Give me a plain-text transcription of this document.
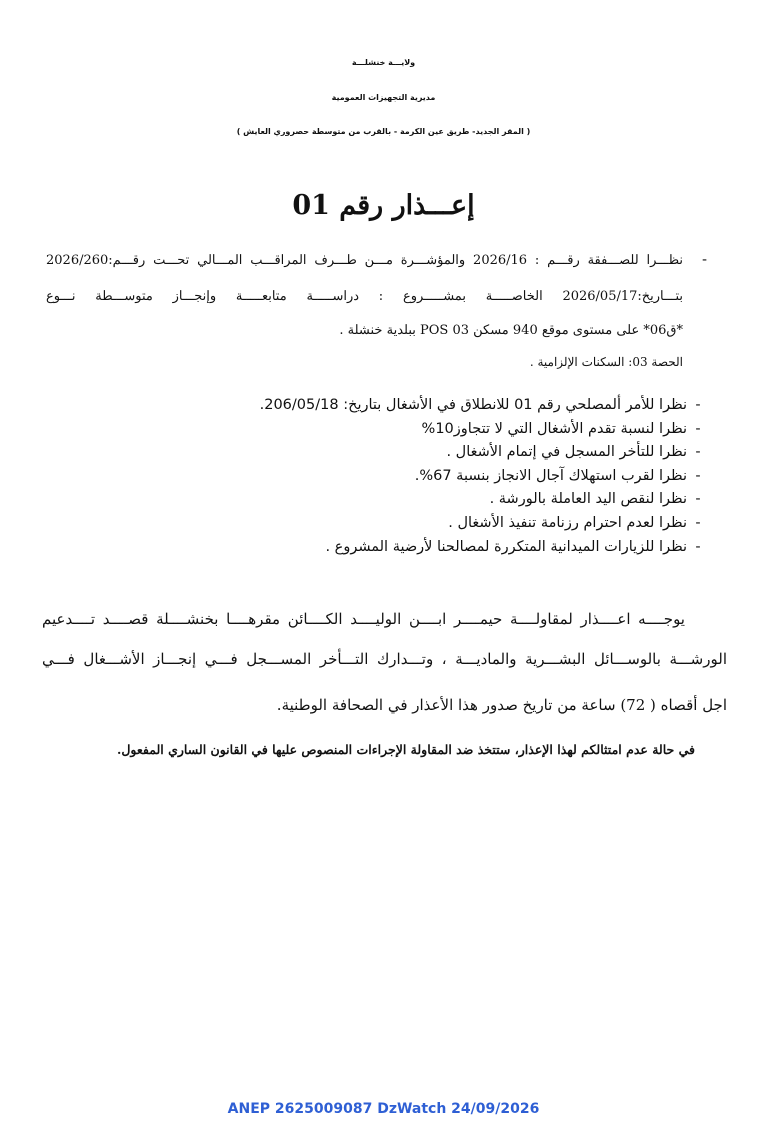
ولايـــة خنشلـــة
مديرية التجهيزات العمومية
( المقر الجديد- طريق عين الكرمة - بالقرب من متوسطة حصروري العايش )
إعـــذار رقم 01
-
نظـــرا للصـــفقة رقـــم : 2026/16 والمؤشـــرة مـــن طـــرف المراقـــب المـــالي تحـــت رقـــم:2026/260
بتـــاريخ:2026/05/17 الخاصـــــة بمشـــــروع : دراســـــة متابعـــــة وإنجـــاز متوســـطة نـــوع
*ق06* على مستوى موقع 940 مسكن POS 03 ببلدية خنشلة .
الحصة 03: السكنات الإلزامية .
-نظرا للأمر ألمصلحي رقم 01 للانطلاق في الأشغال بتاريخ: 206/05/18.
-نظرا لنسبة تقدم الأشغال التي لا تتجاوز10%
-نظرا للتأخر المسجل في إتمام الأشغال .
-نظرا لقرب استهلاك آجال الانجاز بنسبة 67%.
-نظرا لنقص اليد العاملة بالورشة .
-نظرا لعدم احترام رزنامة تنفيذ الأشغال .
-نظرا للزيارات الميدانية المتكررة لمصالحنا لأرضية المشروع .
يوجــــه اعــــذار لمقاولــــة حيمــــر ابــــن الوليــــد الكــــائن مقرهــــا بخنشــــلة قصــــد تــــدعيم
الورشـــة بالوســـائل البشـــرية والماديـــة ، وتـــدارك التـــأخر المســـجل فـــي إنجـــاز الأشـــغال فـــي
اجل أقصاه ( 72) ساعة من تاريخ صدور هذا الأعذار في الصحافة الوطنية.
في حالة عدم امتثالكم لهذا الإعذار، ستتخذ ضد المقاولة الإجراءات المنصوص عليها في القانون الساري المفعول.
ANEP 2625009087 DzWatch 24/09/2026
